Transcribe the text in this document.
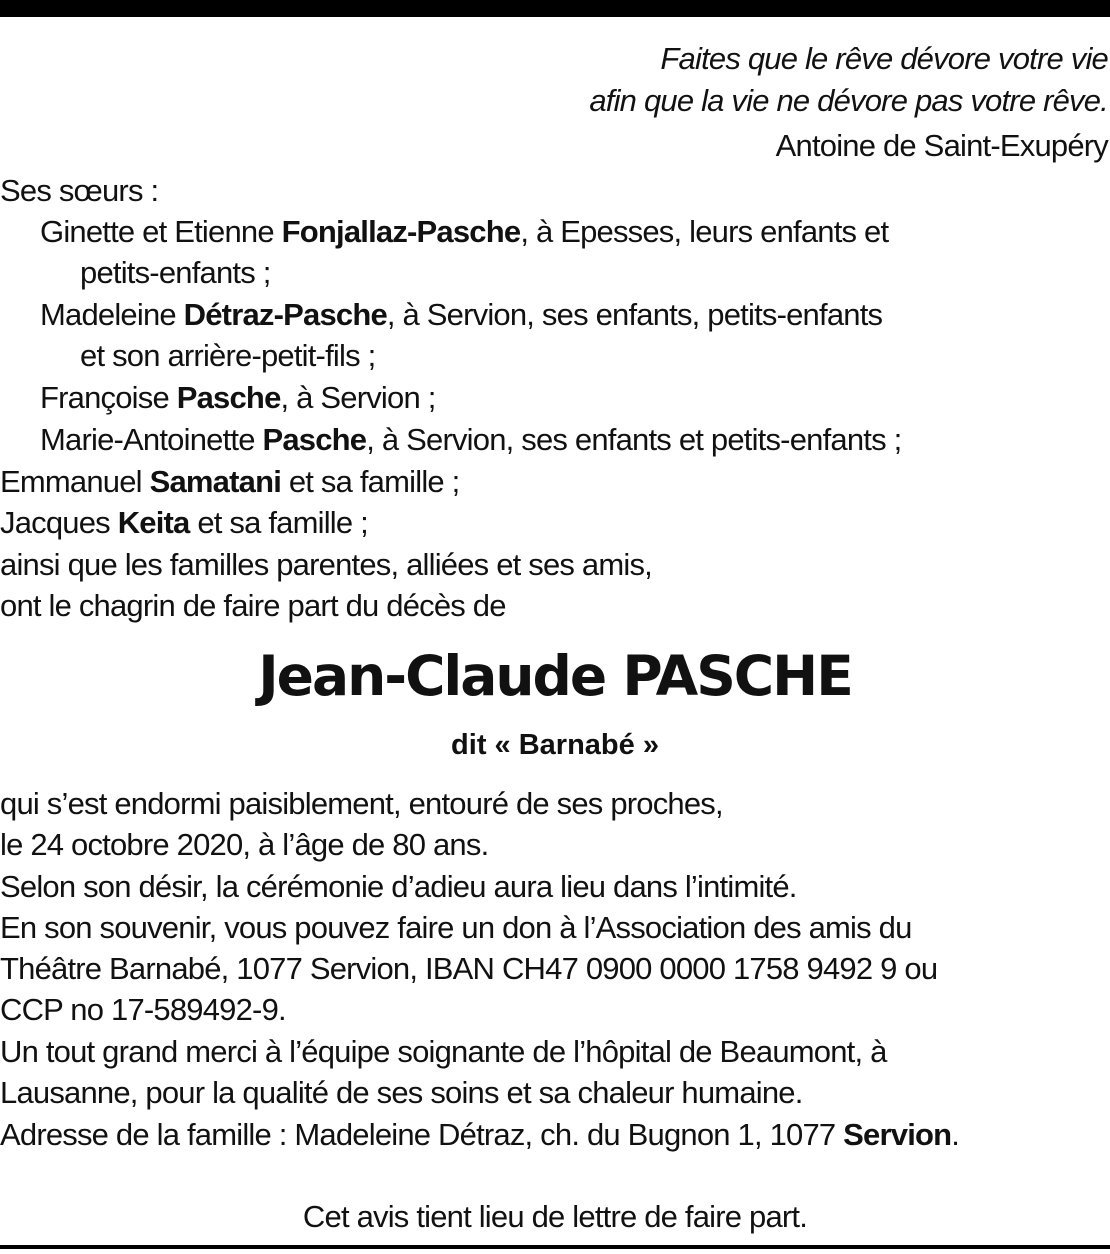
Faites que le rêve dévore votre vie
afin que la vie ne dévore pas votre rêve.
Antoine de Saint-Exupéry
Ses sœurs :
Ginette et Etienne Fonjallaz-Pasche, à Epesses, leurs enfants et
petits-enfants ;
Madeleine Détraz-Pasche, à Servion, ses enfants, petits-enfants
et son arrière-petit-fils ;
Françoise Pasche, à Servion ;
Marie-Antoinette Pasche, à Servion, ses enfants et petits-enfants ;
Emmanuel Samatani et sa famille ;
Jacques Keita et sa famille ;
ainsi que les familles parentes, alliées et ses amis,
ont le chagrin de faire part du décès de
Jean-Claude PASCHE
dit « Barnabé »
qui s’est endormi paisiblement, entouré de ses proches,
le 24 octobre 2020, à l’âge de 80 ans.
Selon son désir, la cérémonie d’adieu aura lieu dans l’intimité.
En son souvenir, vous pouvez faire un don à l’Association des amis du
Théâtre Barnabé, 1077 Servion, IBAN CH47 0900 0000 1758 9492 9 ou
CCP no 17-589492-9.
Un tout grand merci à l’équipe soignante de l’hôpital de Beaumont, à
Lausanne, pour la qualité de ses soins et sa chaleur humaine.
Adresse de la famille : Madeleine Détraz, ch. du Bugnon 1, 1077 Servion.
Cet avis tient lieu de lettre de faire part.
